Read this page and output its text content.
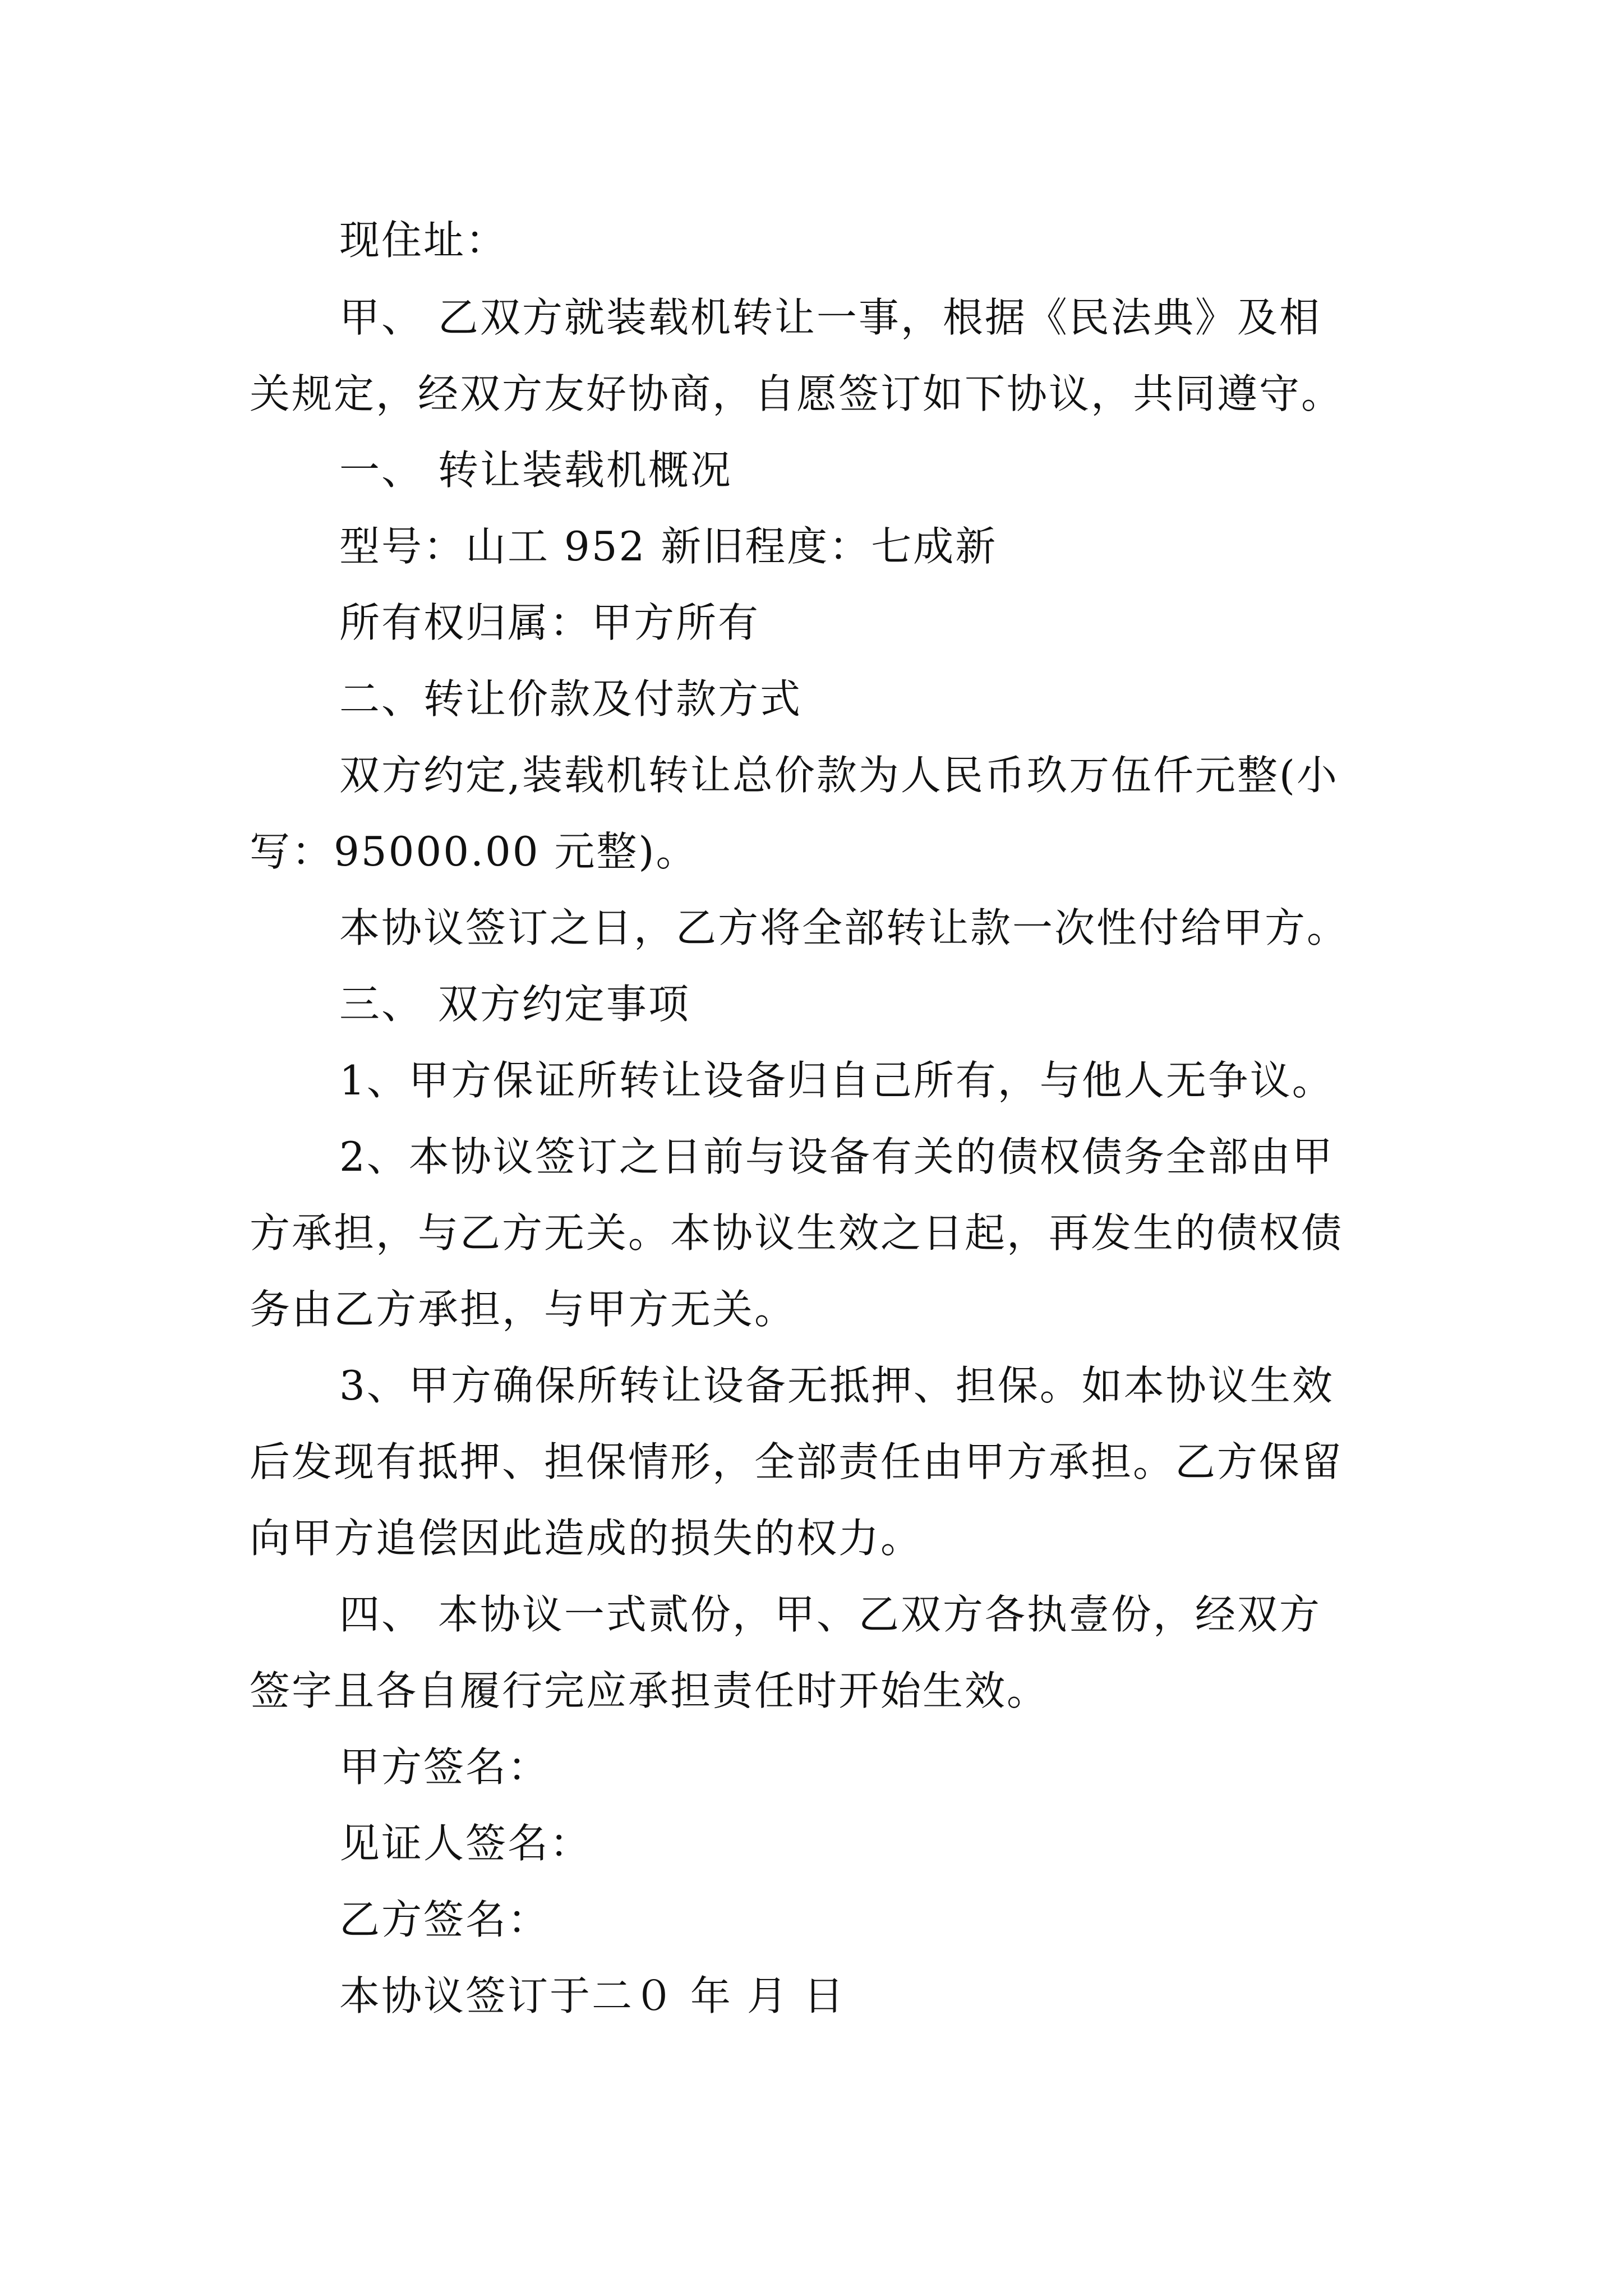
现住址：
甲、 乙双方就装载机转让一事，根据《民法典》及相
关规定，经双方友好协商，自愿签订如下协议，共同遵守。
一、 转让装载机概况
型号：山工 952 新旧程度：七成新
所有权归属：甲方所有
二、转让价款及付款方式
双方约定,装载机转让总价款为人民币玖万伍仟元整(小
写：95000.00 元整)。
本协议签订之日，乙方将全部转让款一次性付给甲方。
三、 双方约定事项
1、甲方保证所转让设备归自己所有，与他人无争议。
2、本协议签订之日前与设备有关的债权债务全部由甲
方承担，与乙方无关。本协议生效之日起，再发生的债权债
务由乙方承担，与甲方无关。
3、甲方确保所转让设备无抵押、担保。如本协议生效
后发现有抵押、担保情形，全部责任由甲方承担。乙方保留
向甲方追偿因此造成的损失的权力。
四、 本协议一式贰份，甲、乙双方各执壹份，经双方
签字且各自履行完应承担责任时开始生效。
甲方签名：
见证人签名：
乙方签名：
本协议签订于二０ 年 月 日
